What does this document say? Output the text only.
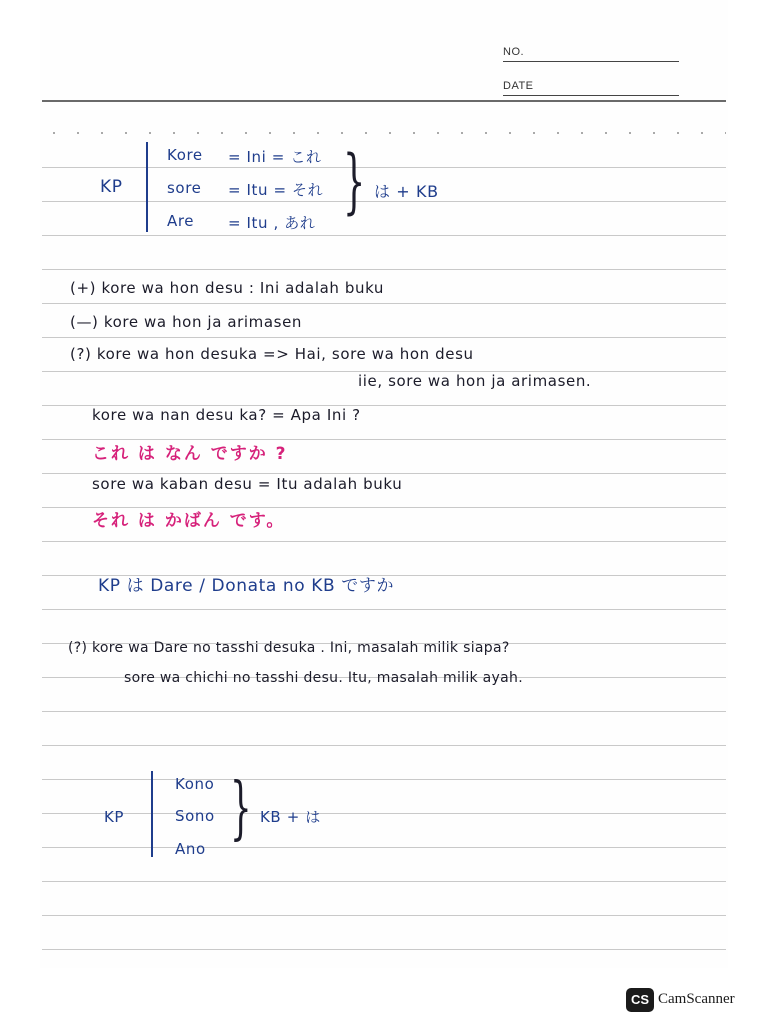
NO.
DATE
KP
Kore = Ini = これ
sore = Itu = それ
Are = Itu , あれ
} は + KB
(+) kore wa hon desu : Ini adalah buku
(—) kore wa hon ja arimasen
(?) kore wa hon desuka => Hai, sore wa hon desu
iie, sore wa hon ja arimasen.
kore wa nan desu ka? = Apa Ini ?
これ は なん ですか ?
sore wa kaban desu = Itu adalah buku
それ は かばん です。
KP は Dare / Donata no KB ですか
(?) kore wa Dare no tasshi desuka . Ini, masalah milik siapa?
sore wa chichi no tasshi desu. Itu, masalah milik ayah.
KP
Kono
Sono
Ano
} KB + は
CS CamScanner
